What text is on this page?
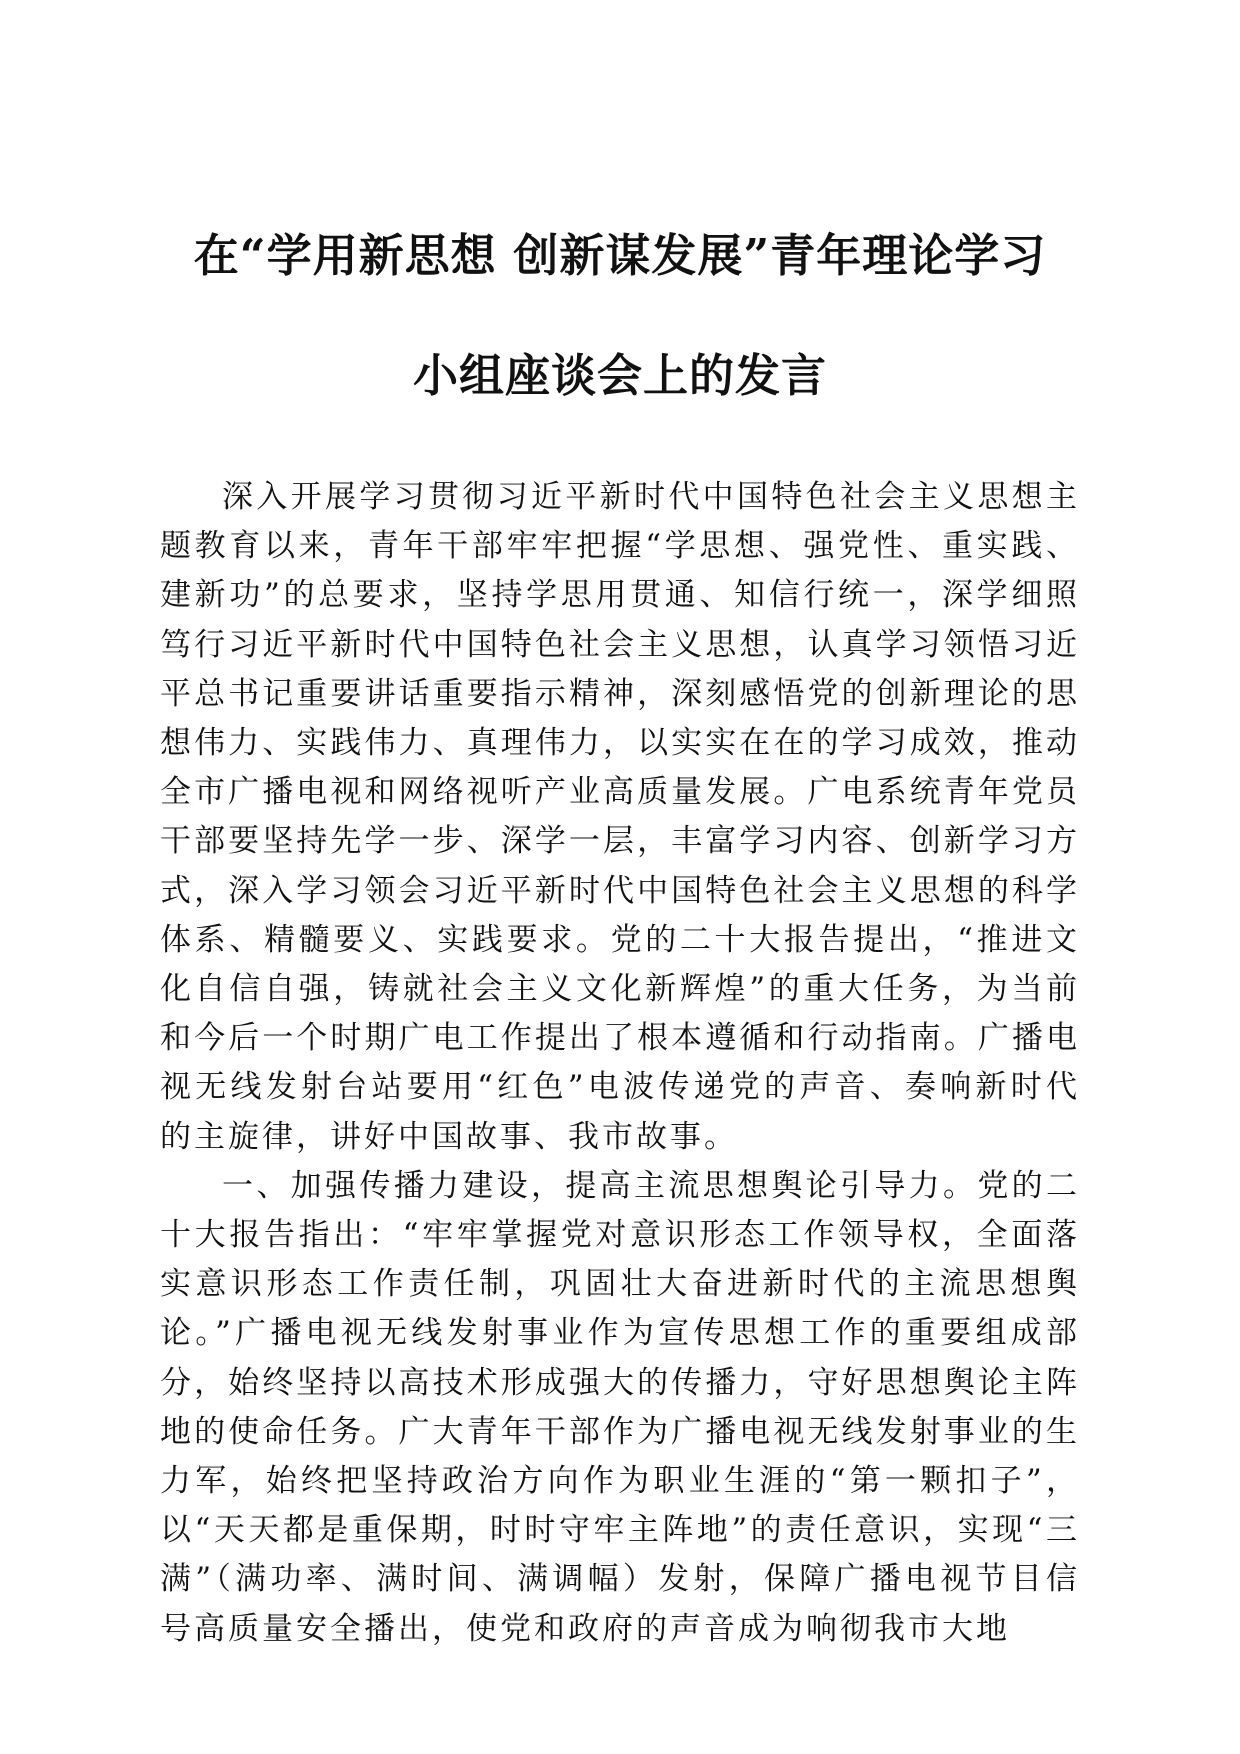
在“学用新思想 创新谋发展”青年理论学习
小组座谈会上的发言

深入开展学习贯彻习近平新时代中国特色社会主义思想主题教育以来，青年干部牢牢把握“学思想、强党性、重实践、建新功”的总要求，坚持学思用贯通、知信行统一，深学细照笃行习近平新时代中国特色社会主义思想，认真学习领悟习近平总书记重要讲话重要指示精神，深刻感悟党的创新理论的思想伟力、实践伟力、真理伟力，以实实在在的学习成效，推动全市广播电视和网络视听产业高质量发展。广电系统青年党员干部要坚持先学一步、深学一层，丰富学习内容、创新学习方式，深入学习领会习近平新时代中国特色社会主义思想的科学体系、精髓要义、实践要求。党的二十大报告提出，“推进文化自信自强，铸就社会主义文化新辉煌”的重大任务，为当前和今后一个时期广电工作提出了根本遵循和行动指南。广播电视无线发射台站要用“红色”电波传递党的声音、奏响新时代的主旋律，讲好中国故事、我市故事。

一、加强传播力建设，提高主流思想舆论引导力。党的二十大报告指出：“牢牢掌握党对意识形态工作领导权，全面落实意识形态工作责任制，巩固壮大奋进新时代的主流思想舆论。”广播电视无线发射事业作为宣传思想工作的重要组成部分，始终坚持以高技术形成强大的传播力，守好思想舆论主阵地的使命任务。广大青年干部作为广播电视无线发射事业的生力军，始终把坚持政治方向作为职业生涯的“第一颗扣子”，以“天天都是重保期，时时守牢主阵地”的责任意识，实现“三满”（满功率、满时间、满调幅）发射，保障广播电视节目信号高质量安全播出，使党和政府的声音成为响彻我市大地
